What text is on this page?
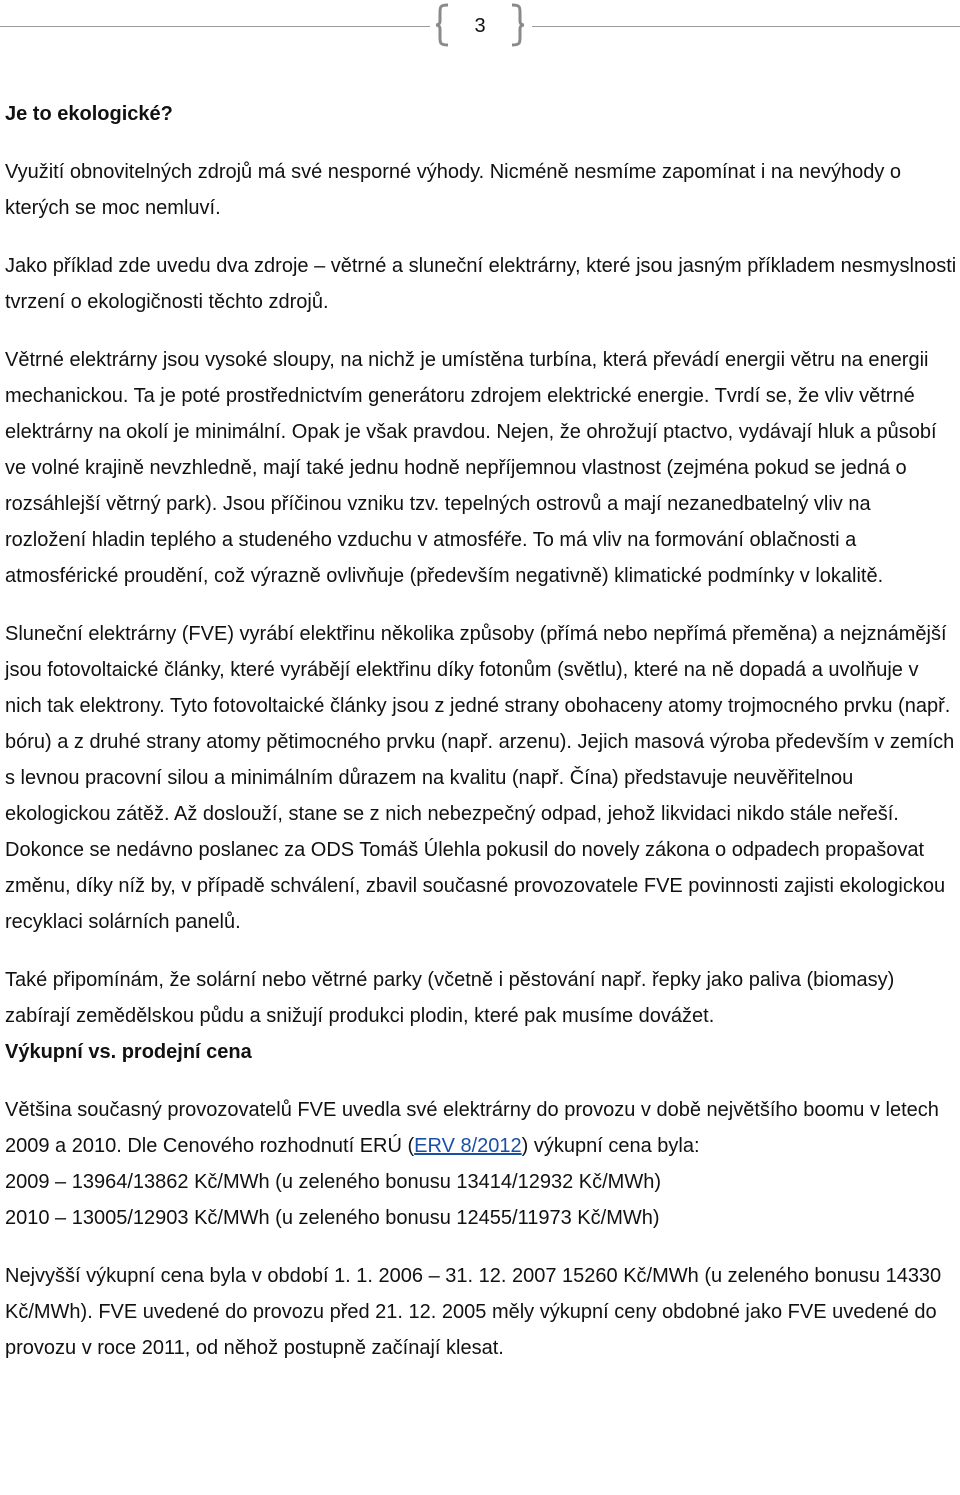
3
Je to ekologické?

Využití obnovitelných zdrojů má své nesporné výhody. Nicméně nesmíme zapomínat i na nevýhody o kterých se moc nemluví.

Jako příklad zde uvedu dva zdroje – větrné a sluneční elektrárny, které jsou jasným příkladem nesmyslnosti tvrzení o ekologičnosti těchto zdrojů.

Větrné elektrárny jsou vysoké sloupy, na nichž je umístěna turbína, která převádí energii větru na energii mechanickou. Ta je poté prostřednictvím generátoru zdrojem elektrické energie. Tvrdí se, že vliv větrné elektrárny na okolí je minimální. Opak je však pravdou. Nejen, že ohrožují ptactvo, vydávají hluk a působí ve volné krajině nevzhledně, mají také jednu hodně nepříjemnou vlastnost (zejména pokud se jedná o rozsáhlejší větrný park). Jsou příčinou vzniku tzv. tepelných ostrovů a mají nezanedbatelný vliv na rozložení hladin teplého a studeného vzduchu v atmosféře. To má vliv na formování oblačnosti a atmosférické proudění, což výrazně ovlivňuje (především negativně) klimatické podmínky v lokalitě.

Sluneční elektrárny (FVE) vyrábí elektřinu několika způsoby (přímá nebo nepřímá přeměna) a nejznámější jsou fotovoltaické články, které vyrábějí elektřinu díky fotonům (světlu), které na ně dopadá a uvolňuje v nich tak elektrony. Tyto fotovoltaické články jsou z jedné strany obohaceny atomy trojmocného prvku (např. bóru) a z druhé strany atomy pětimocného prvku (např. arzenu). Jejich masová výroba především v zemích s levnou pracovní silou a minimálním důrazem na kvalitu (např. Čína) představuje neuvěřitelnou ekologickou zátěž. Až doslouží, stane se z nich nebezpečný odpad, jehož likvidaci nikdo stále neřeší. Dokonce se nedávno poslanec za ODS Tomáš Úlehla pokusil do novely zákona o odpadech propašovat změnu, díky níž by, v případě schválení, zbavil současné provozovatele FVE povinnosti zajisti ekologickou recyklaci solárních panelů.

Také připomínám, že solární nebo větrné parky (včetně i pěstování např. řepky jako paliva (biomasy) zabírají zemědělskou půdu a snižují produkci plodin, které pak musíme dovážet.

Výkupní vs. prodejní cena

Většina současný provozovatelů FVE uvedla své elektrárny do provozu v době největšího boomu v letech 2009 a 2010. Dle Cenového rozhodnutí ERÚ (ERV 8/2012) výkupní cena byla:

2009 – 13964/13862 Kč/MWh (u zeleného bonusu 13414/12932 Kč/MWh)

2010 – 13005/12903 Kč/MWh (u zeleného bonusu 12455/11973 Kč/MWh)

Nejvyšší výkupní cena byla v období 1. 1. 2006 – 31. 12. 2007 15260 Kč/MWh (u zeleného bonusu 14330 Kč/MWh). FVE uvedené do provozu před 21. 12. 2005 měly výkupní ceny obdobné jako FVE uvedené do provozu v roce 2011, od něhož postupně začínají klesat.
